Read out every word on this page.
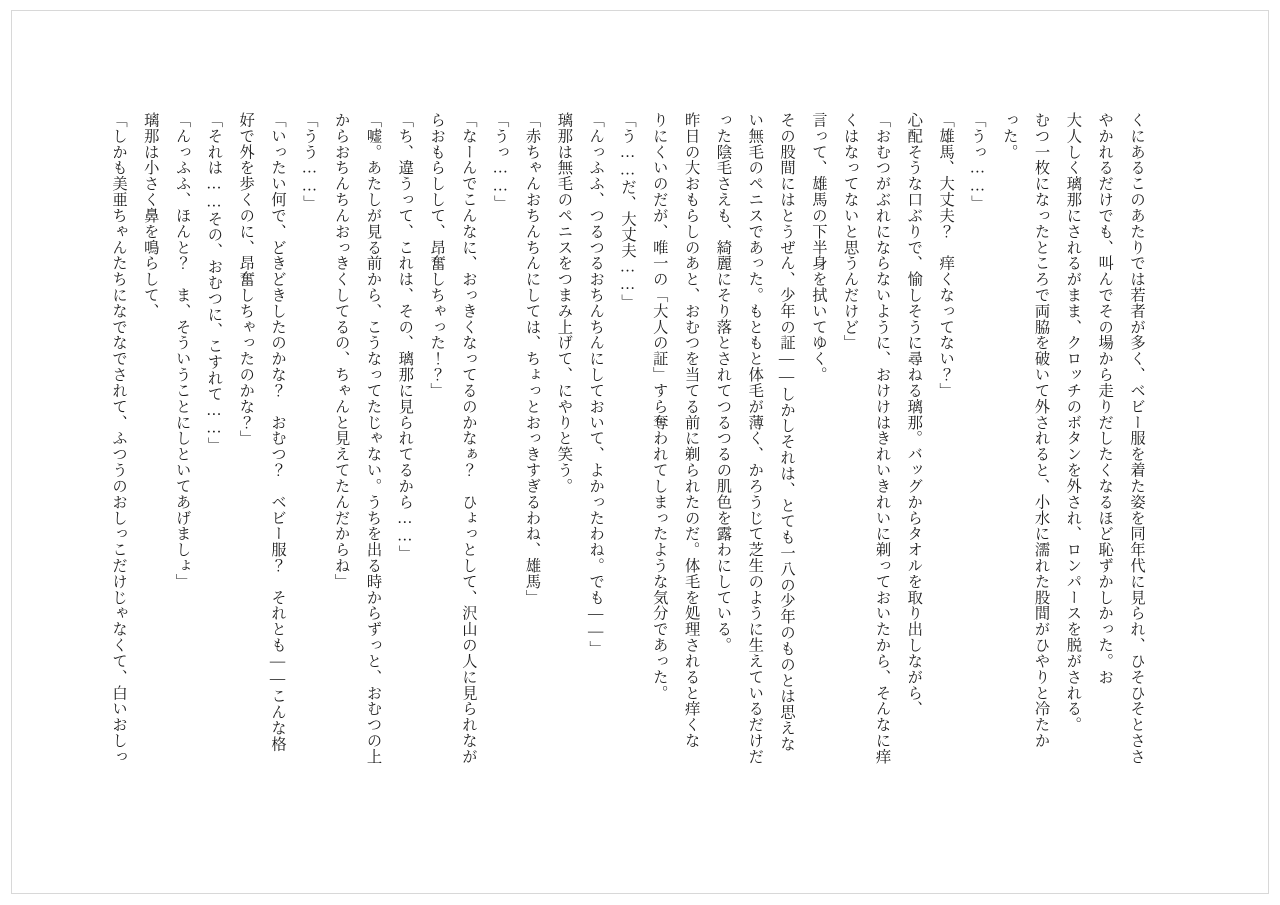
くにあるこのあたりでは若者が多く、ベビー服を着た姿を同年代に見られ、ひそひそとささ

やかれるだけでも、叫んでその場から走りだしたくなるほど恥ずかしかった。お

大人しく璃那にされるがまま、クロッチのボタンを外され、ロンパースを脱がされる。

むつ一枚になったところで両脇を破いて外されると、小水に濡れた股間がひやりと冷たか

った。

「うっ……」

「雄馬、大丈夫？　痒くなってない？」

心配そうな口ぶりで、愉しそうに尋ねる璃那。バッグからタオルを取り出しながら、

「おむつがぶれにならないように、おけけはきれいきれいに剃っておいたから、そんなに痒

くはなってないと思うんだけど」

言って、雄馬の下半身を拭いてゆく。

その股間にはとうぜん、少年の証——しかしそれは、とても一八の少年のものとは思えな

い無毛のペニスであった。もともと体毛が薄く、かろうじて芝生のように生えているだけだ

った陰毛さえも、綺麗にそり落とされてつるつるの肌色を露わにしている。

昨日の大おもらしのあと、おむつを当てる前に剃られたのだ。体毛を処理されると痒くな

りにくいのだが、唯一の「大人の証」すら奪われてしまったような気分であった。

「う……だ、大丈夫……」

「んっふふ、つるつるおちんちんにしておいて、よかったわね。でも——」

璃那は無毛のペニスをつまみ上げて、にやりと笑う。

「赤ちゃんおちんちんにしては、ちょっとおっきすぎるわね、雄馬」

「うっ……」

「なーんでこんなに、おっきくなってるのかなぁ？　ひょっとして、沢山の人に見られなが

らおもらしして、昂奮しちゃった！？」

「ち、違うって、これは、その、璃那に見られてるから……」

「嘘。あたしが見る前から、こうなってたじゃない。うちを出る時からずっと、おむつの上

からおちんちんおっきくしてるの、ちゃんと見えてたんだからね」

「うう……」

「いったい何で、どきどきしたのかな？　おむつ？　ベビー服？　それとも——こんな格

好で外を歩くのに、昂奮しちゃったのかな？」

「それは……その、おむつに、こすれて……」

「んっふふ、ほんと？　ま、そういうことにしといてあげましょ」

璃那は小さく鼻を鳴らして、

「しかも美亜ちゃんたちになでなでされて、ふつうのおしっこだけじゃなくて、白いおしっ
